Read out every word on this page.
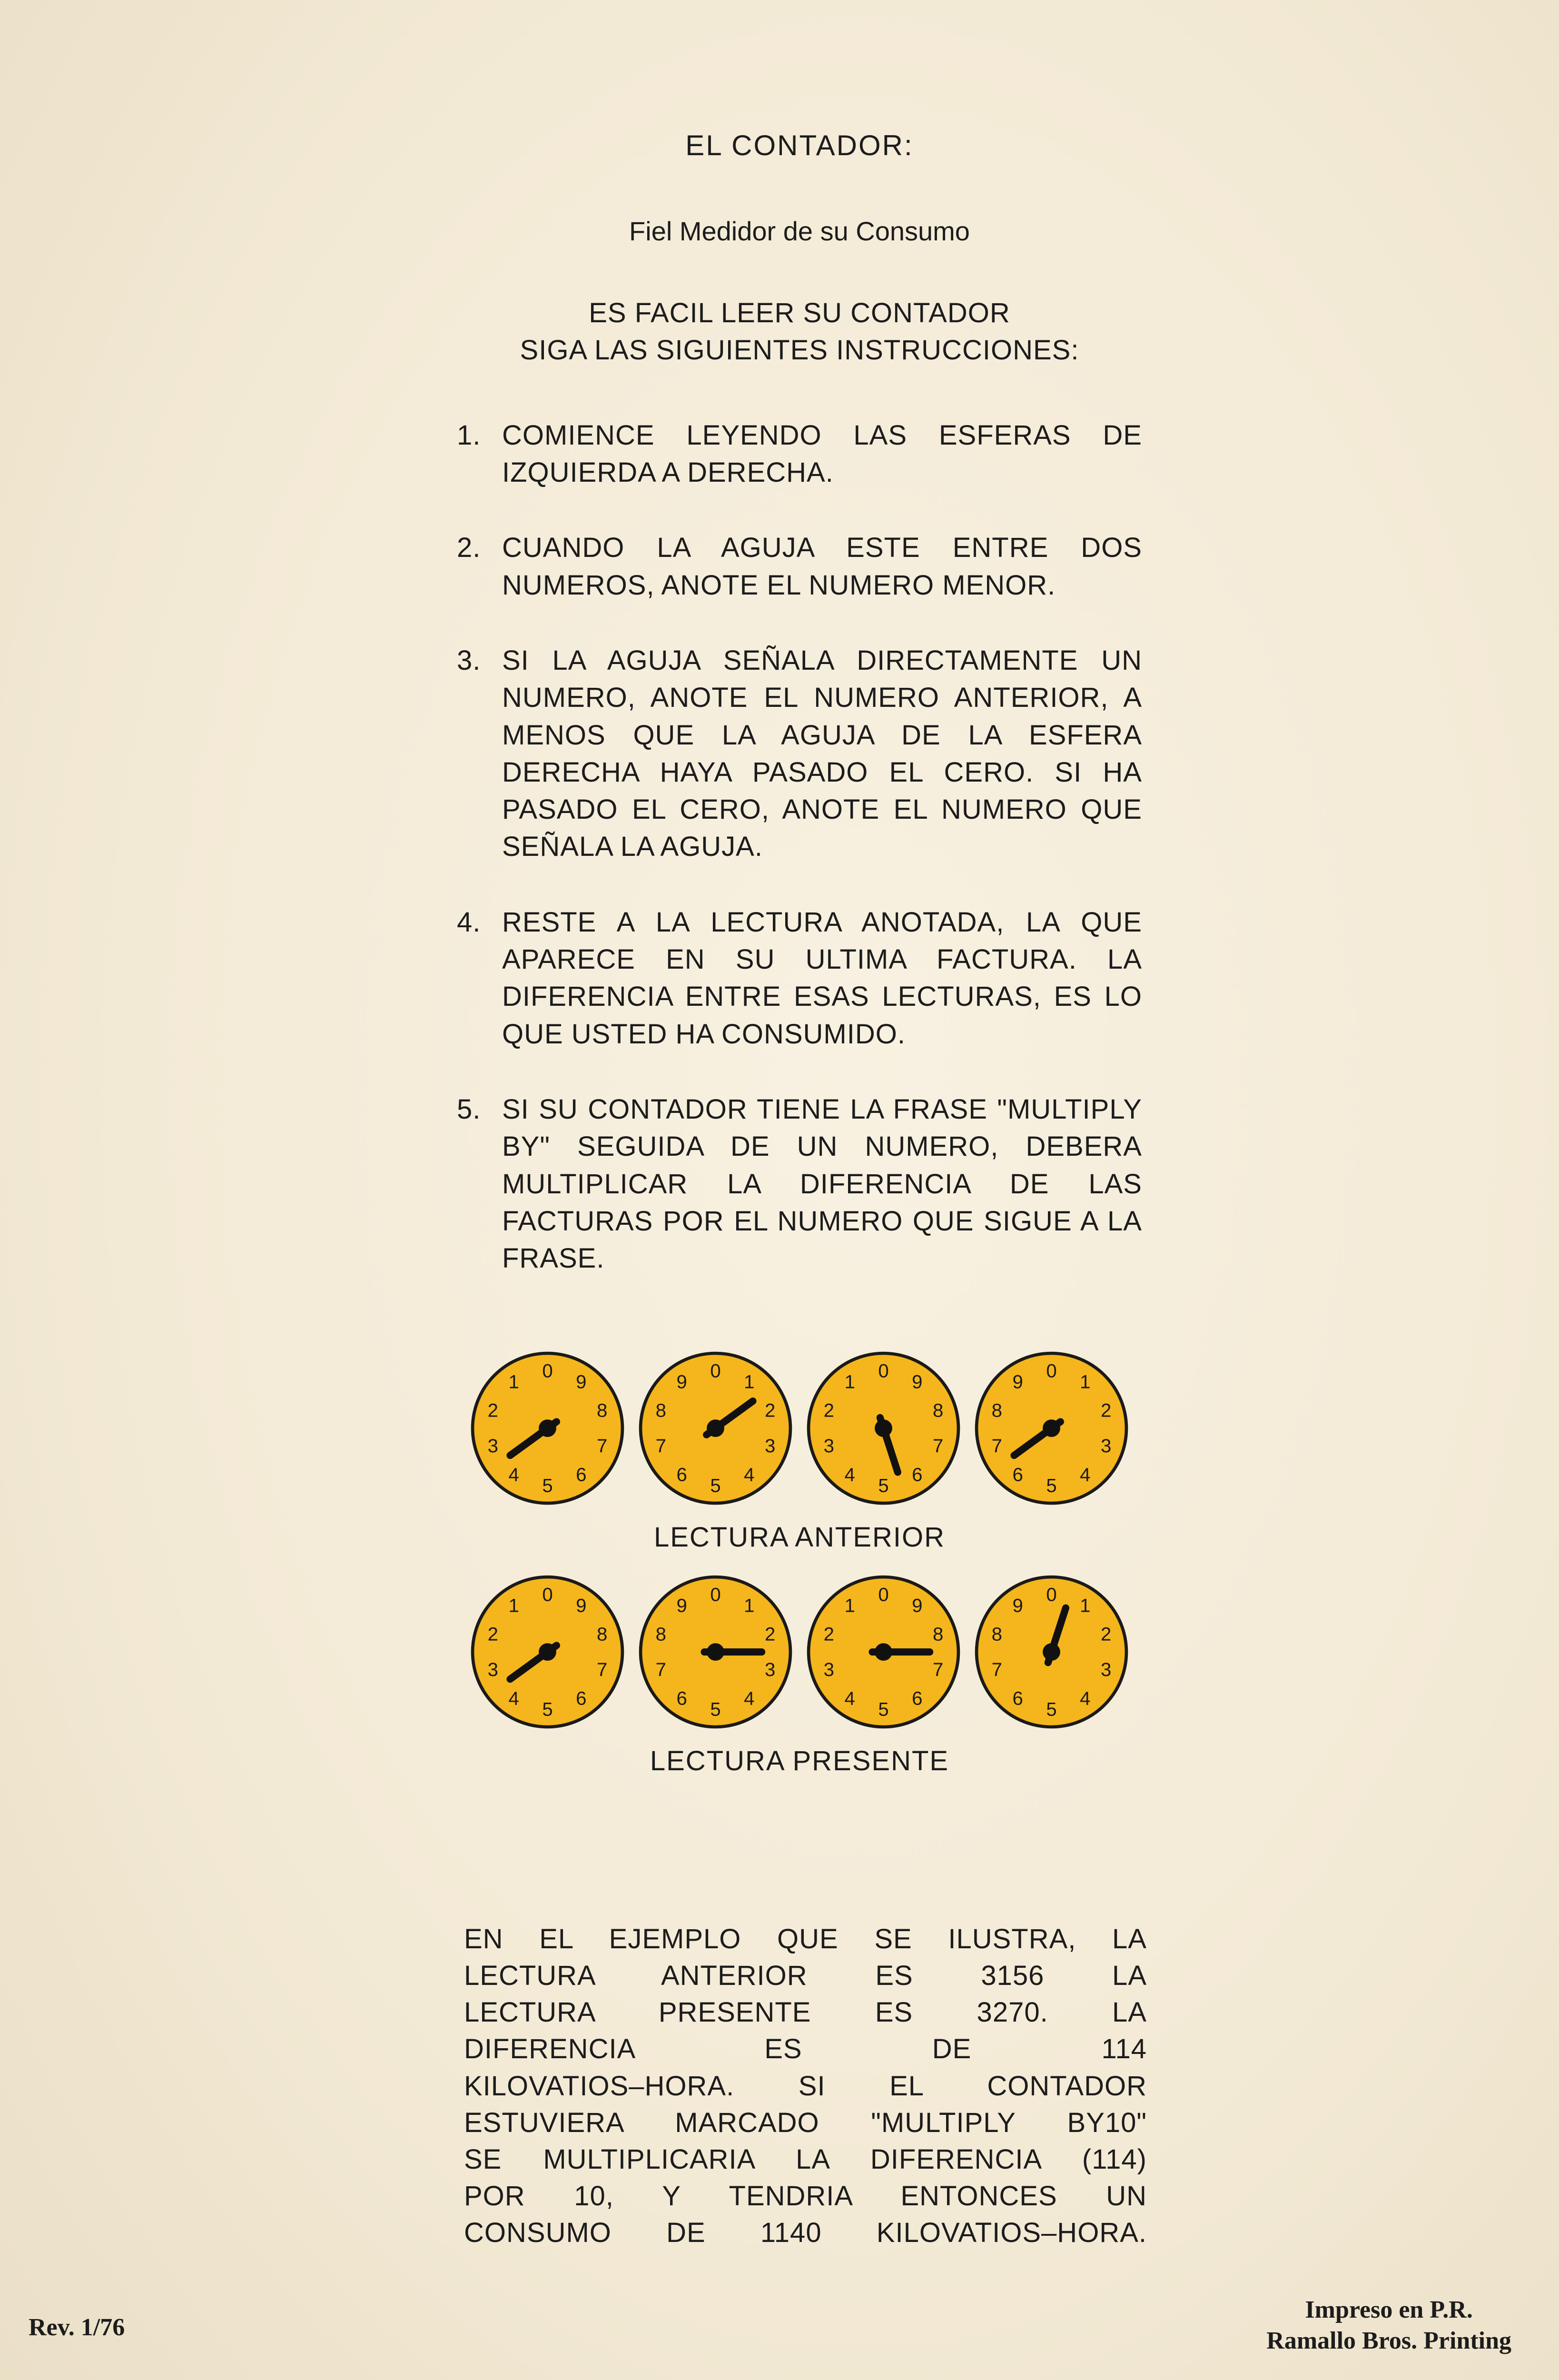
EL CONTADOR:

Fiel Medidor de su Consumo

ES FACIL LEER SU CONTADOR
SIGA LAS SIGUIENTES INSTRUCCIONES:

1. COMIENCE LEYENDO LAS ESFERAS DE IZQUIERDA A DERECHA.
2. CUANDO LA AGUJA ESTE ENTRE DOS NUMEROS, ANOTE EL NUMERO MENOR.
3. SI LA AGUJA SEÑALA DIRECTAMENTE UN NUMERO, ANOTE EL NUMERO ANTERIOR, A MENOS QUE LA AGUJA DE LA ESFERA DERECHA HAYA PASADO EL CERO. SI HA PASADO EL CERO, ANOTE EL NUMERO QUE SEÑALA LA AGUJA.
4. RESTE A LA LECTURA ANOTADA, LA QUE APARECE EN SU ULTIMA FACTURA. LA DIFERENCIA ENTRE ESAS LECTURAS, ES LO QUE USTED HA CONSUMIDO.
5. SI SU CONTADOR TIENE LA FRASE "MULTIPLY BY" SEGUIDA DE UN NUMERO, DEBERA MULTIPLICAR LA DIFERENCIA DE LAS FACTURAS POR EL NUMERO QUE SIGUE A LA FRASE.
0
1
2
3
4
5
6
7
8
9
0
1
2
3
4
5
6
7
8
9
0
1
2
3
4
5
6
7
8
9
0
1
2
3
4
5
6
7
8
9
LECTURA ANTERIOR
0
1
2
3
4
5
6
7
8
9
0
1
2
3
4
5
6
7
8
9
0
1
2
3
4
5
6
7
8
9
0
1
2
3
4
5
6
7
8
9
LECTURA PRESENTE
EN EL EJEMPLO QUE SE ILUSTRA, LA
LECTURA ANTERIOR ES 3156 LA
LECTURA PRESENTE ES 3270. LA
DIFERENCIA ES DE 114
KILOVATIOS–HORA. SI EL CONTADOR
ESTUVIERA MARCADO "MULTIPLY BY10"
SE MULTIPLICARIA LA DIFERENCIA (114)
POR 10, Y TENDRIA ENTONCES UN
CONSUMO DE 1140 KILOVATIOS–HORA.
Rev. 1/76
Impreso en P.R.
Ramallo Bros. Printing
